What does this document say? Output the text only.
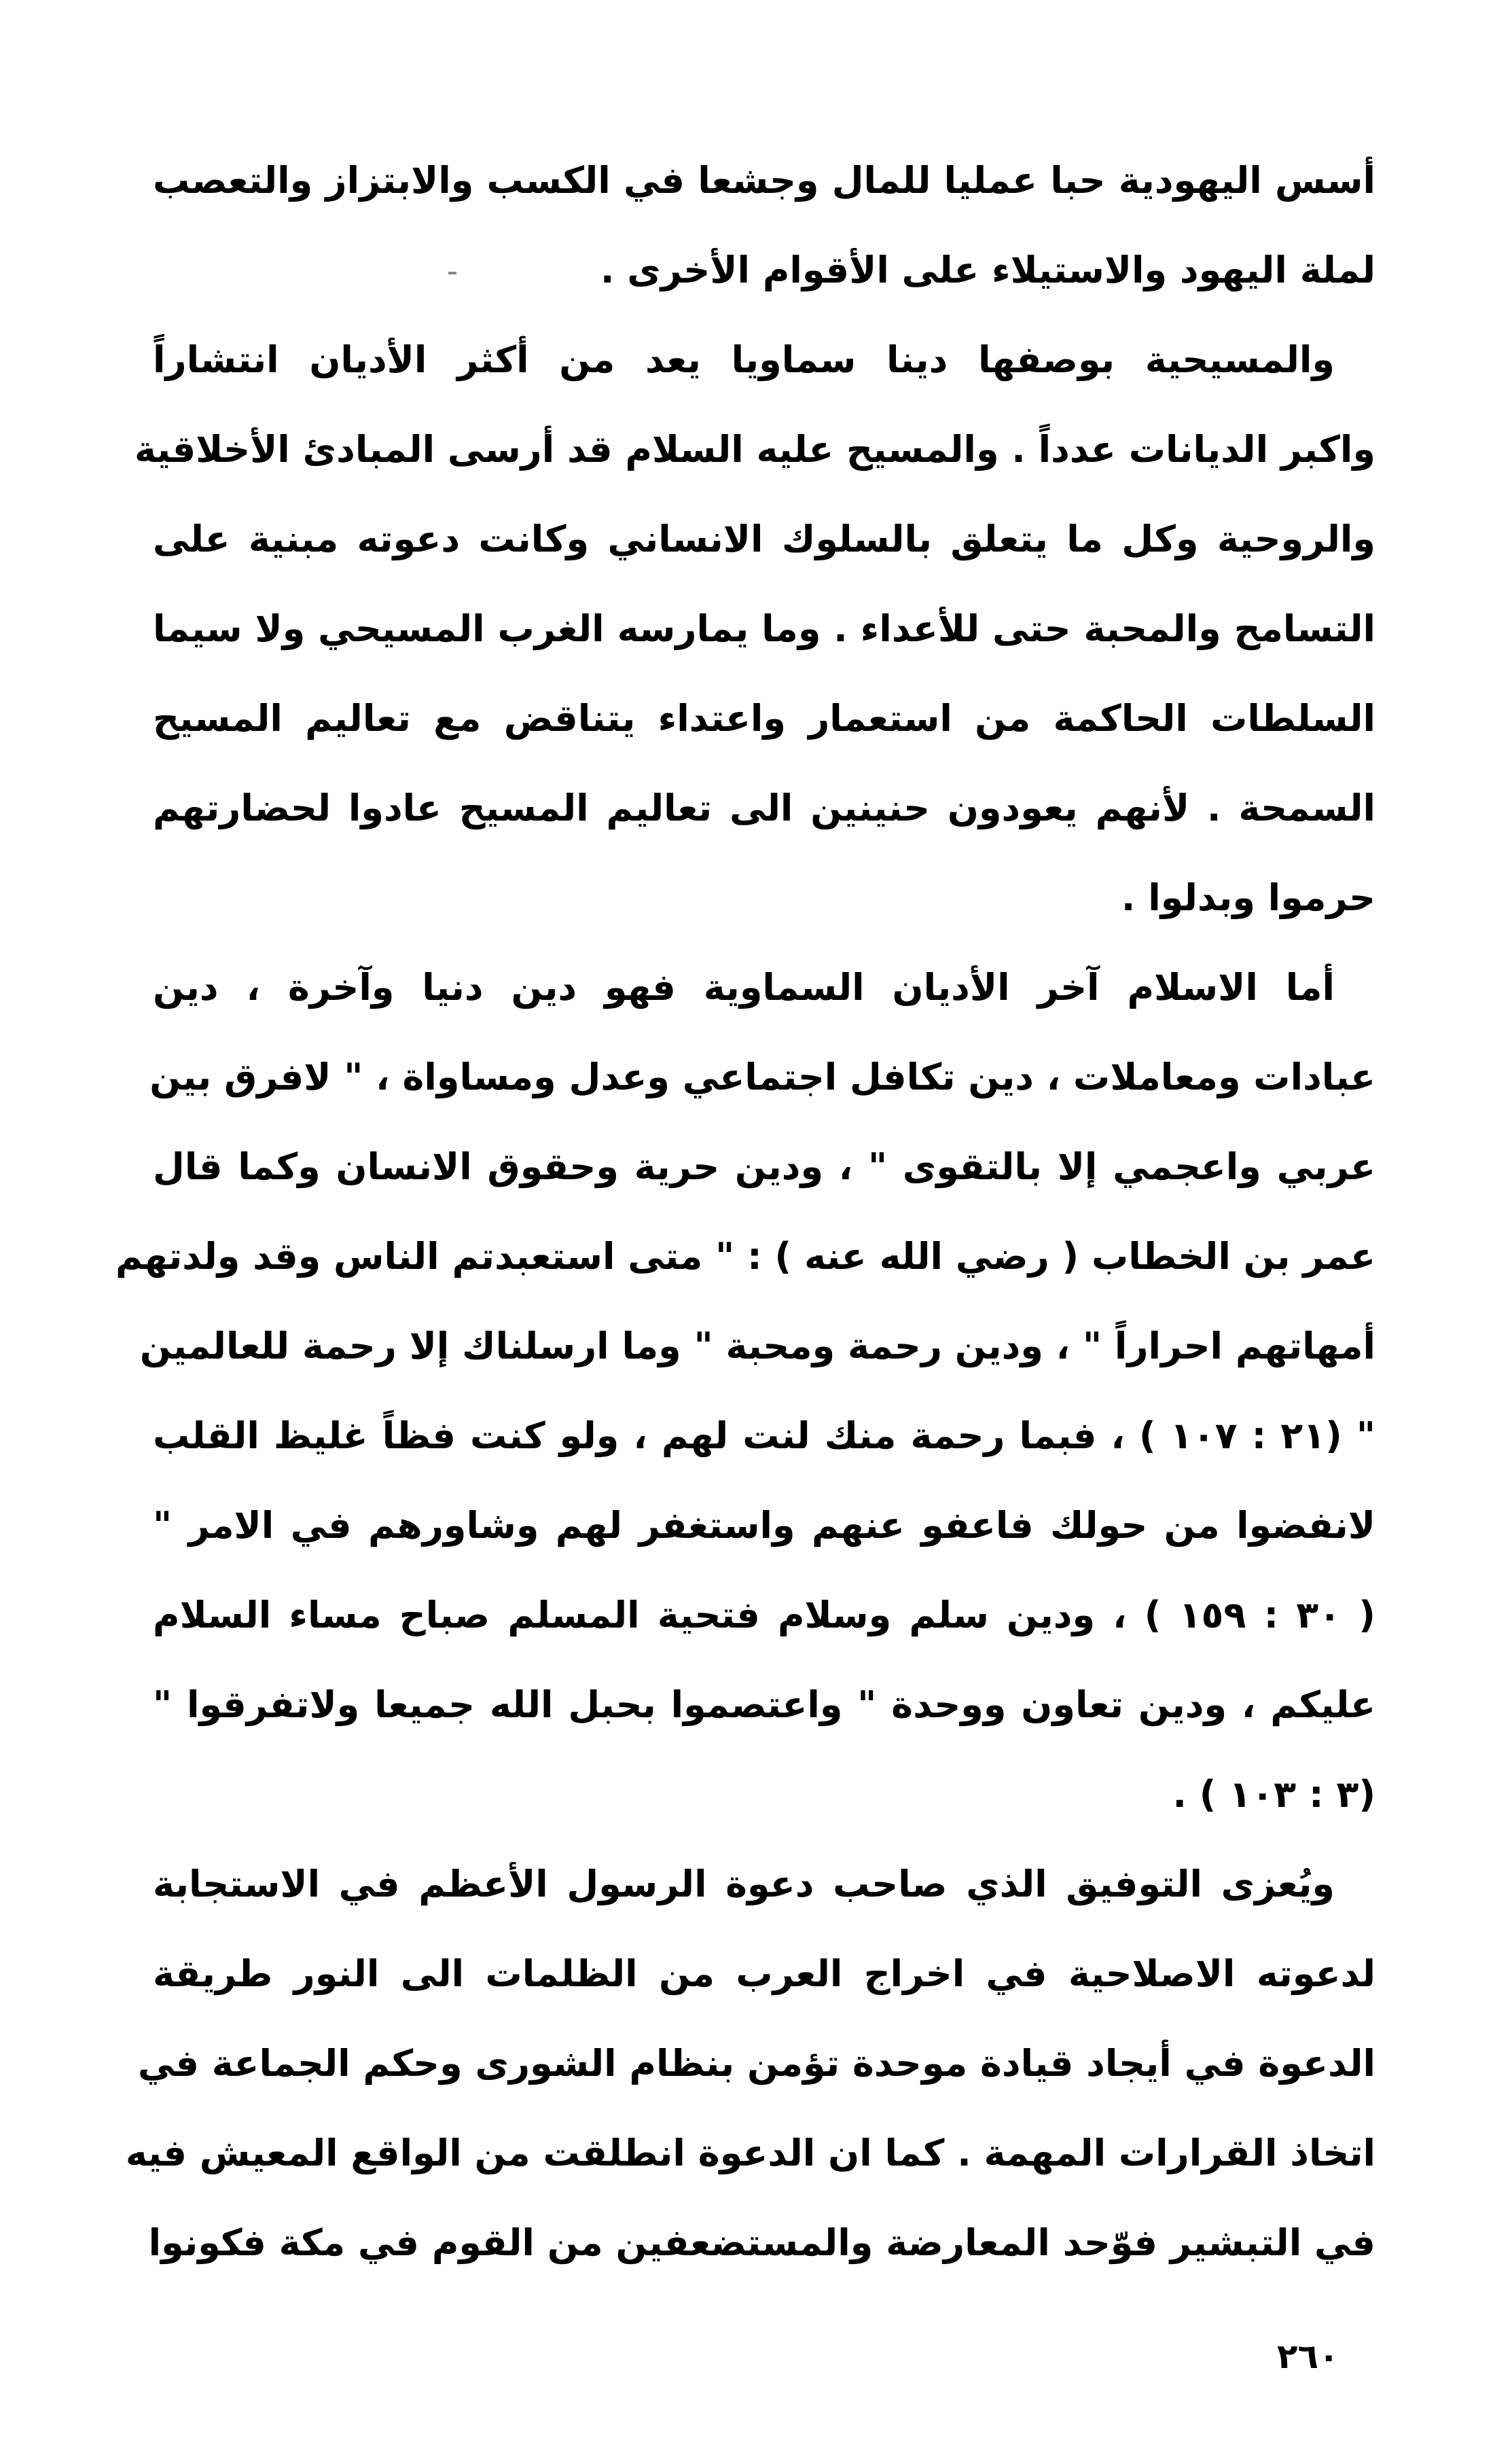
أسس اليهودية حبا عمليا للمال وجشعا في الكسب والابتزاز والتعصب
لملة اليهود والاستيلاء على الأقوام الأخرى .
والمسيحية بوصفها دينا سماويا يعد من أكثر الأديان انتشاراً
واكبر الديانات عدداً . والمسيح عليه السلام قد أرسى المبادئ الأخلاقية
والروحية وكل ما يتعلق بالسلوك الانساني وكانت دعوته مبنية على
التسامح والمحبة حتى للأعداء . وما يمارسه الغرب المسيحي ولا سيما
السلطات الحاكمة من استعمار واعتداء يتناقض مع تعاليم المسيح
السمحة . لأنهم يعودون حنينين الى تعاليم المسيح عادوا لحضارتهم
حرموا وبدلوا .
أما الاسلام آخر الأديان السماوية فهو دين دنيا وآخرة ، دين
عبادات ومعاملات ، دين تكافل اجتماعي وعدل ومساواة ، " لافرق بين
عربي واعجمي إلا بالتقوى " ، ودين حرية وحقوق الانسان وكما قال
عمر بن الخطاب ( رضي الله عنه ) : " متى استعبدتم الناس وقد ولدتهم
أمهاتهم احراراً " ، ودين رحمة ومحبة " وما ارسلناك إلا رحمة للعالمين
" (٢١ : ١٠٧ ) ، فبما رحمة منك لنت لهم ، ولو كنت فظاً غليظ القلب
لانفضوا من حولك فاعفو عنهم واستغفر لهم وشاورهم في الامر "
( ٣٠ : ١٥٩ ) ، ودين سلم وسلام فتحية المسلم صباح مساء السلام
عليكم ، ودين تعاون ووحدة " واعتصموا بحبل الله جميعا ولاتفرقوا "
(٣ : ١٠٣ ) .
ويُعزى التوفيق الذي صاحب دعوة الرسول الأعظم في الاستجابة
لدعوته الاصلاحية في اخراج العرب من الظلمات الى النور طريقة
الدعوة في أيجاد قيادة موحدة تؤمن بنظام الشورى وحكم الجماعة في
اتخاذ القرارات المهمة . كما ان الدعوة انطلقت من الواقع المعيش فيه
في التبشير فوّحد المعارضة والمستضعفين من القوم في مكة فكونوا
٢٦٠
